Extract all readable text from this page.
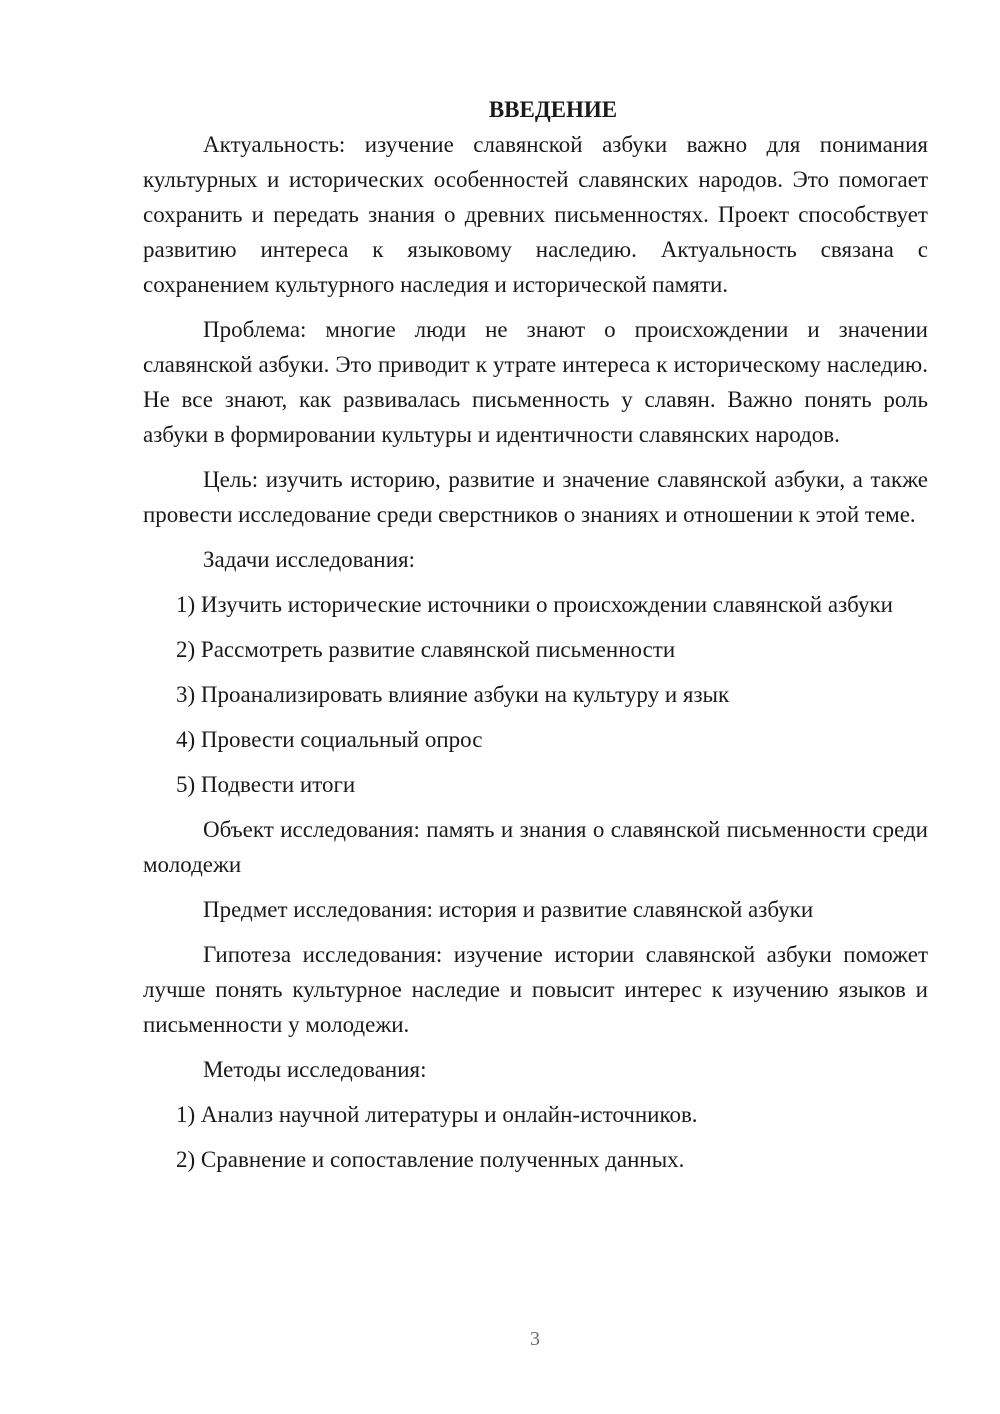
ВВЕДЕНИЕ

Актуальность: изучение славянской азбуки важно для понимания культурных и исторических особенностей славянских народов. Это помогает сохранить и передать знания о древних письменностях. Проект способствует развитию интереса к языковому наследию. Актуальность связана с сохранением культурного наследия и исторической памяти.

Проблема: многие люди не знают о происхождении и значении славянской азбуки. Это приводит к утрате интереса к историческому наследию. Не все знают, как развивалась письменность у славян. Важно понять роль азбуки в формировании культуры и идентичности славянских народов.

Цель: изучить историю, развитие и значение славянской азбуки, а также провести исследование среди сверстников о знаниях и отношении к этой теме.

Задачи исследования:

1) Изучить исторические источники о происхождении славянской азбуки

2) Рассмотреть развитие славянской письменности

3) Проанализировать влияние азбуки на культуру и язык

4) Провести социальный опрос

5) Подвести итоги

Объект исследования: память и знания о славянской письменности среди молодежи

Предмет исследования: история и развитие славянской азбуки

Гипотеза исследования: изучение истории славянской азбуки поможет лучше понять культурное наследие и повысит интерес к изучению языков и письменности у молодежи.

Методы исследования:

1) Анализ научной литературы и онлайн-источников.

2) Сравнение и сопоставление полученных данных.

3
